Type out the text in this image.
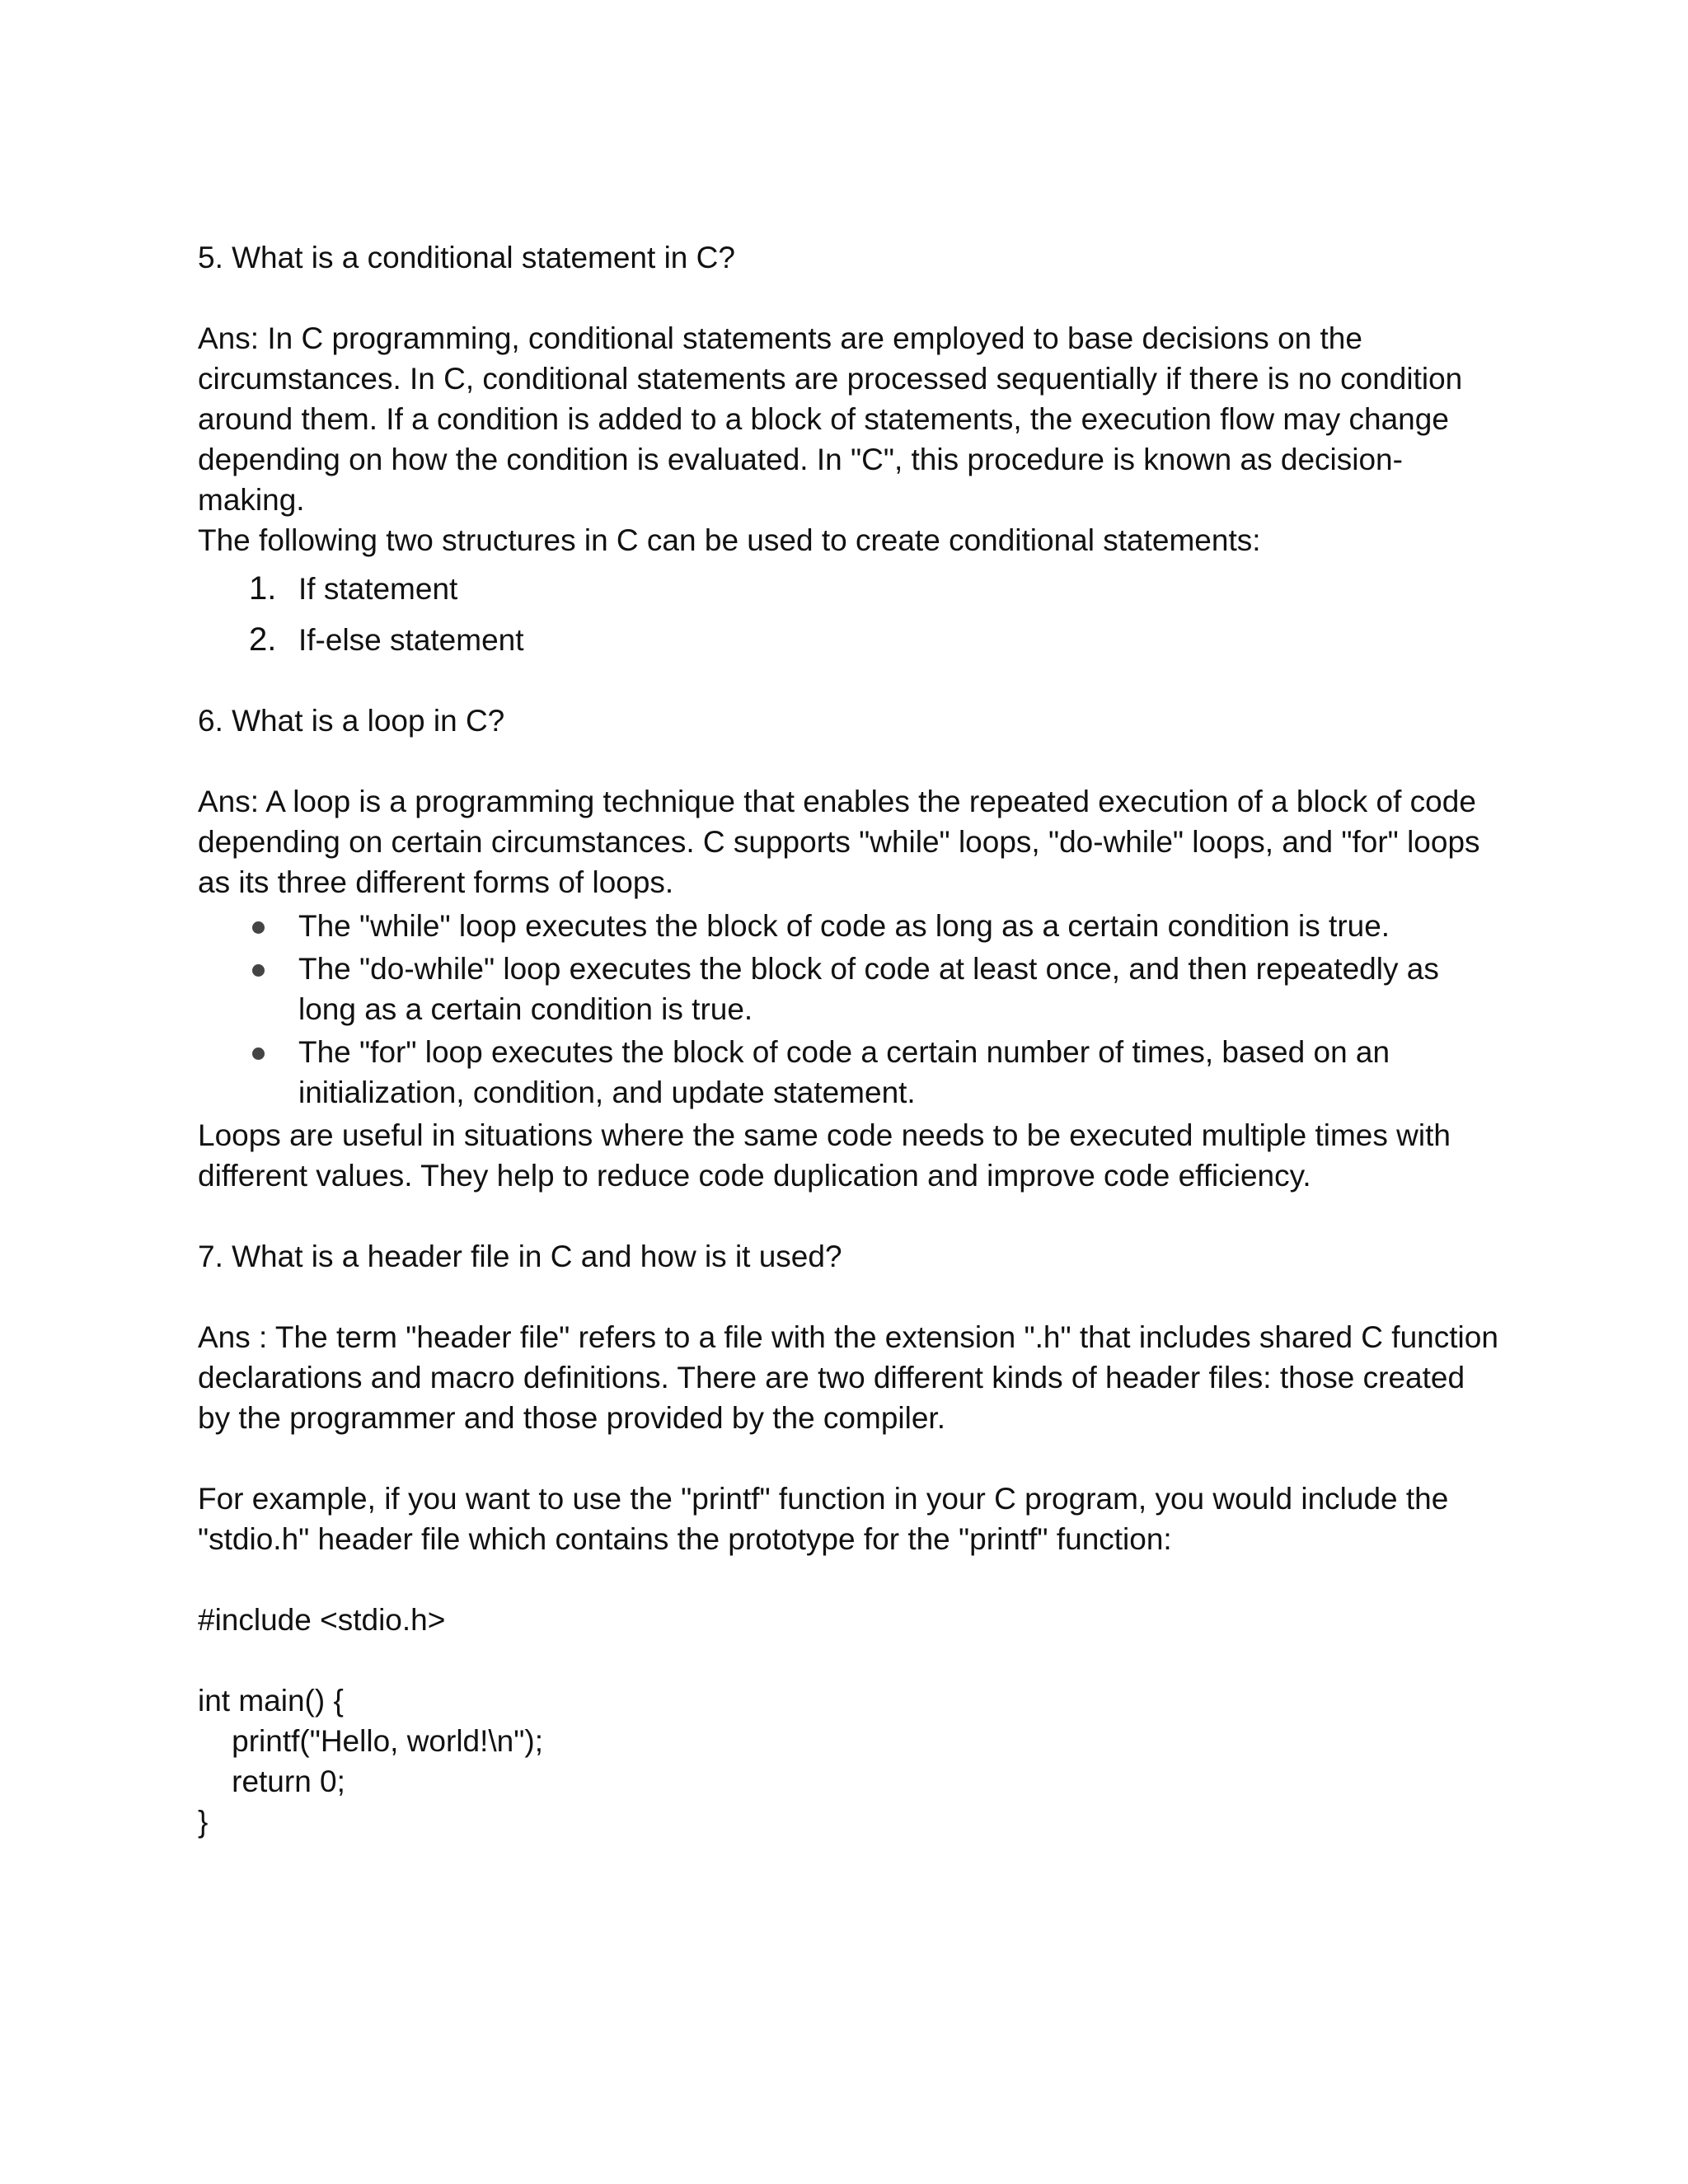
5. What is a conditional statement in C?

Ans: In C programming, conditional statements are employed to base decisions on the circumstances. In C, conditional statements are processed sequentially if there is no condition around them. If a condition is added to a block of statements, the execution flow may change depending on how the condition is evaluated. In "C", this procedure is known as decision-making.

The following two structures in C can be used to create conditional statements:

1. If statement
2. If-else statement

6. What is a loop in C?

Ans: A loop is a programming technique that enables the repeated execution of a block of code depending on certain circumstances. C supports "while" loops, "do-while" loops, and "for" loops as its three different forms of loops.

The "while" loop executes the block of code as long as a certain condition is true.
The "do-while" loop executes the block of code at least once, and then repeatedly as long as a certain condition is true.
The "for" loop executes the block of code a certain number of times, based on an initialization, condition, and update statement.

Loops are useful in situations where the same code needs to be executed multiple times with different values. They help to reduce code duplication and improve code efficiency.

7. What is a header file in C and how is it used?

Ans : The term "header file" refers to a file with the extension ".h" that includes shared C function declarations and macro definitions. There are two different kinds of header files: those created by the programmer and those provided by the compiler.

For example, if you want to use the "printf" function in your C program, you would include the "stdio.h" header file which contains the prototype for the "printf" function:

#include <stdio.h>

int main() {

printf("Hello, world!\n");

return 0;

}
